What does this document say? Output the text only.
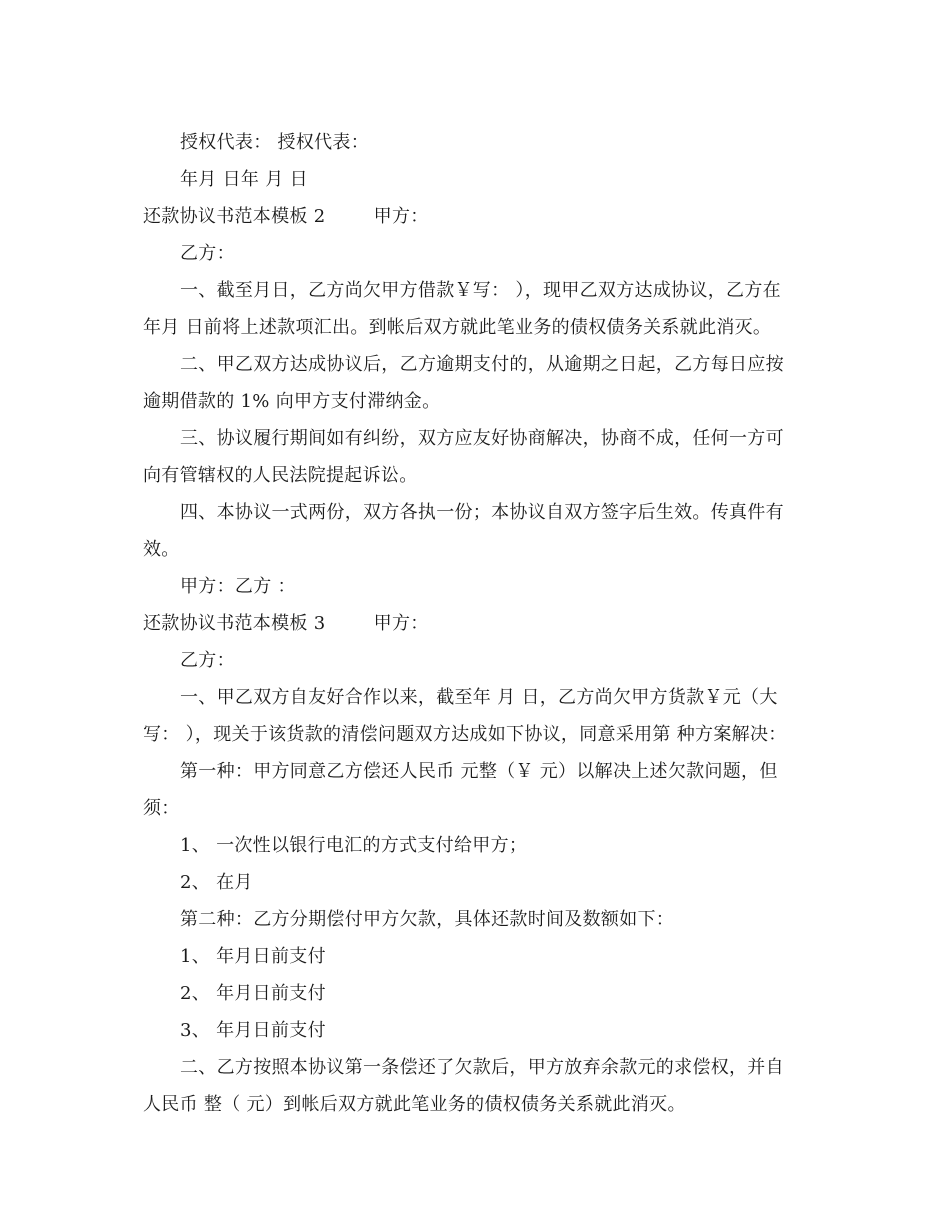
授权代表： 授权代表：
年月 日年 月 日
还款协议书范本模板 2        甲方：
乙方：
一、截至月日，乙方尚欠甲方借款￥写： ），现甲乙双方达成协议，乙方在
年月 日前将上述款项汇出。到帐后双方就此笔业务的债权债务关系就此消灭。
二、甲乙双方达成协议后，乙方逾期支付的，从逾期之日起，乙方每日应按
逾期借款的 1% 向甲方支付滞纳金。
三、协议履行期间如有纠纷，双方应友好协商解决，协商不成，任何一方可
向有管辖权的人民法院提起诉讼。
四、本协议一式两份，双方各执一份；本协议自双方签字后生效。传真件有
效。
甲方：乙方 ：
还款协议书范本模板 3        甲方：
乙方：
一、甲乙双方自友好合作以来，截至年 月 日，乙方尚欠甲方货款￥元（大
写： ），现关于该货款的清偿问题双方达成如下协议，同意采用第 种方案解决：
第一种：甲方同意乙方偿还人民币 元整（￥ 元）以解决上述欠款问题，但
须：
1、 一次性以银行电汇的方式支付给甲方；
2、 在月
第二种：乙方分期偿付甲方欠款，具体还款时间及数额如下：
1、 年月日前支付
2、 年月日前支付
3、 年月日前支付
二、乙方按照本协议第一条偿还了欠款后，甲方放弃余款元的求偿权，并自
人民币 整（ 元）到帐后双方就此笔业务的债权债务关系就此消灭。
